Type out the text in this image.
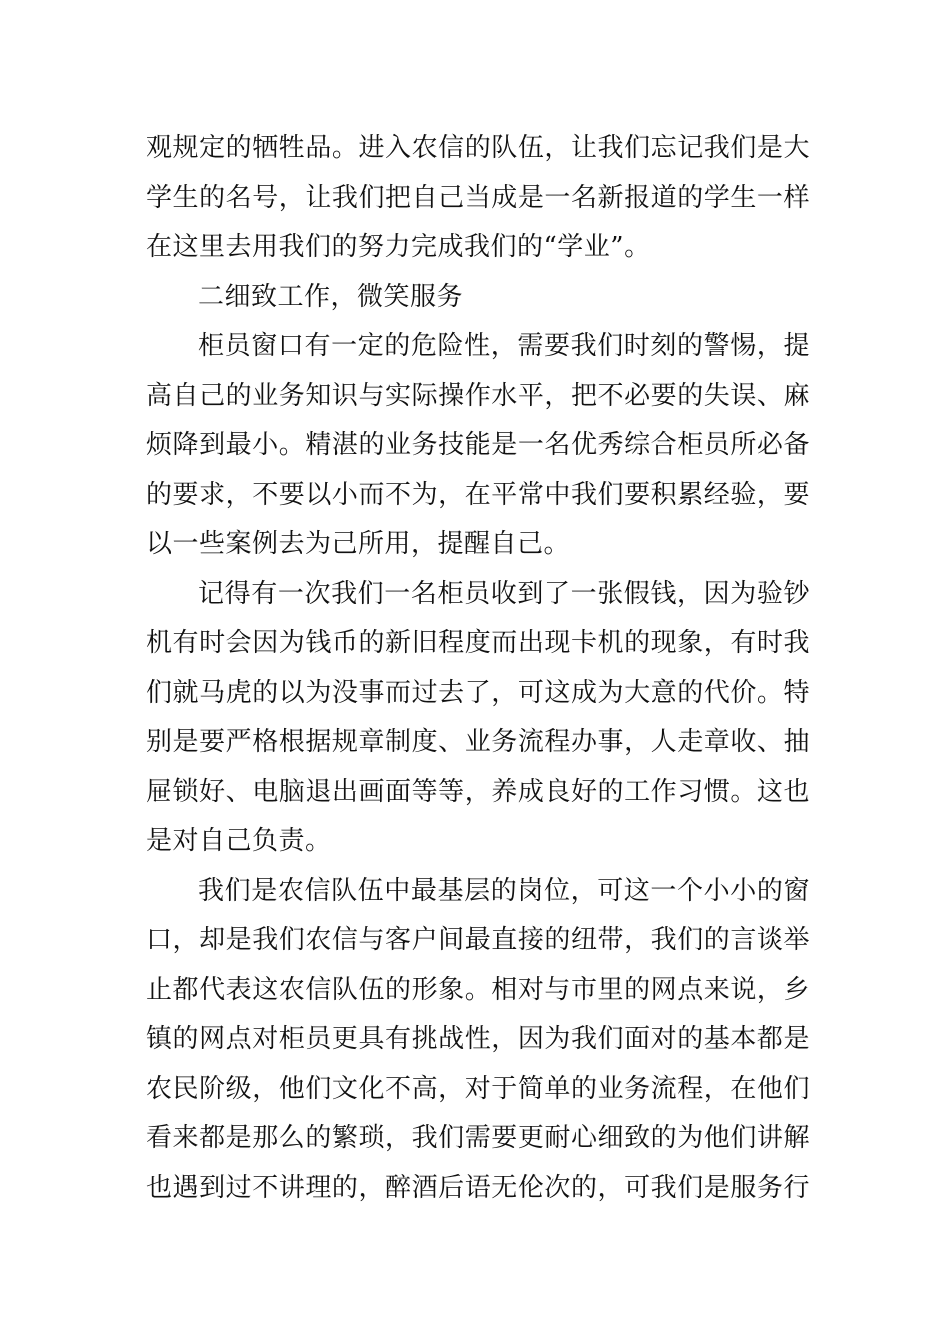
观规定的牺牲品。进入农信的队伍，让我们忘记我们是大
学生的名号，让我们把自己当成是一名新报道的学生一样
在这里去用我们的努力完成我们的“学业”。
二细致工作，微笑服务
柜员窗口有一定的危险性，需要我们时刻的警惕，提
高自己的业务知识与实际操作水平，把不必要的失误、麻
烦降到最小。精湛的业务技能是一名优秀综合柜员所必备
的要求，不要以小而不为，在平常中我们要积累经验，要
以一些案例去为己所用，提醒自己。
记得有一次我们一名柜员收到了一张假钱，因为验钞
机有时会因为钱币的新旧程度而出现卡机的现象，有时我
们就马虎的以为没事而过去了，可这成为大意的代价。特
别是要严格根据规章制度、业务流程办事，人走章收、抽
屉锁好、电脑退出画面等等，养成良好的工作习惯。这也
是对自己负责。
我们是农信队伍中最基层的岗位，可这一个小小的窗
口，却是我们农信与客户间最直接的纽带，我们的言谈举
止都代表这农信队伍的形象。相对与市里的网点来说，乡
镇的网点对柜员更具有挑战性，因为我们面对的基本都是
农民阶级，他们文化不高，对于简单的业务流程，在他们
看来都是那么的繁琐，我们需要更耐心细致的为他们讲解
也遇到过不讲理的，醉酒后语无伦次的，可我们是服务行
